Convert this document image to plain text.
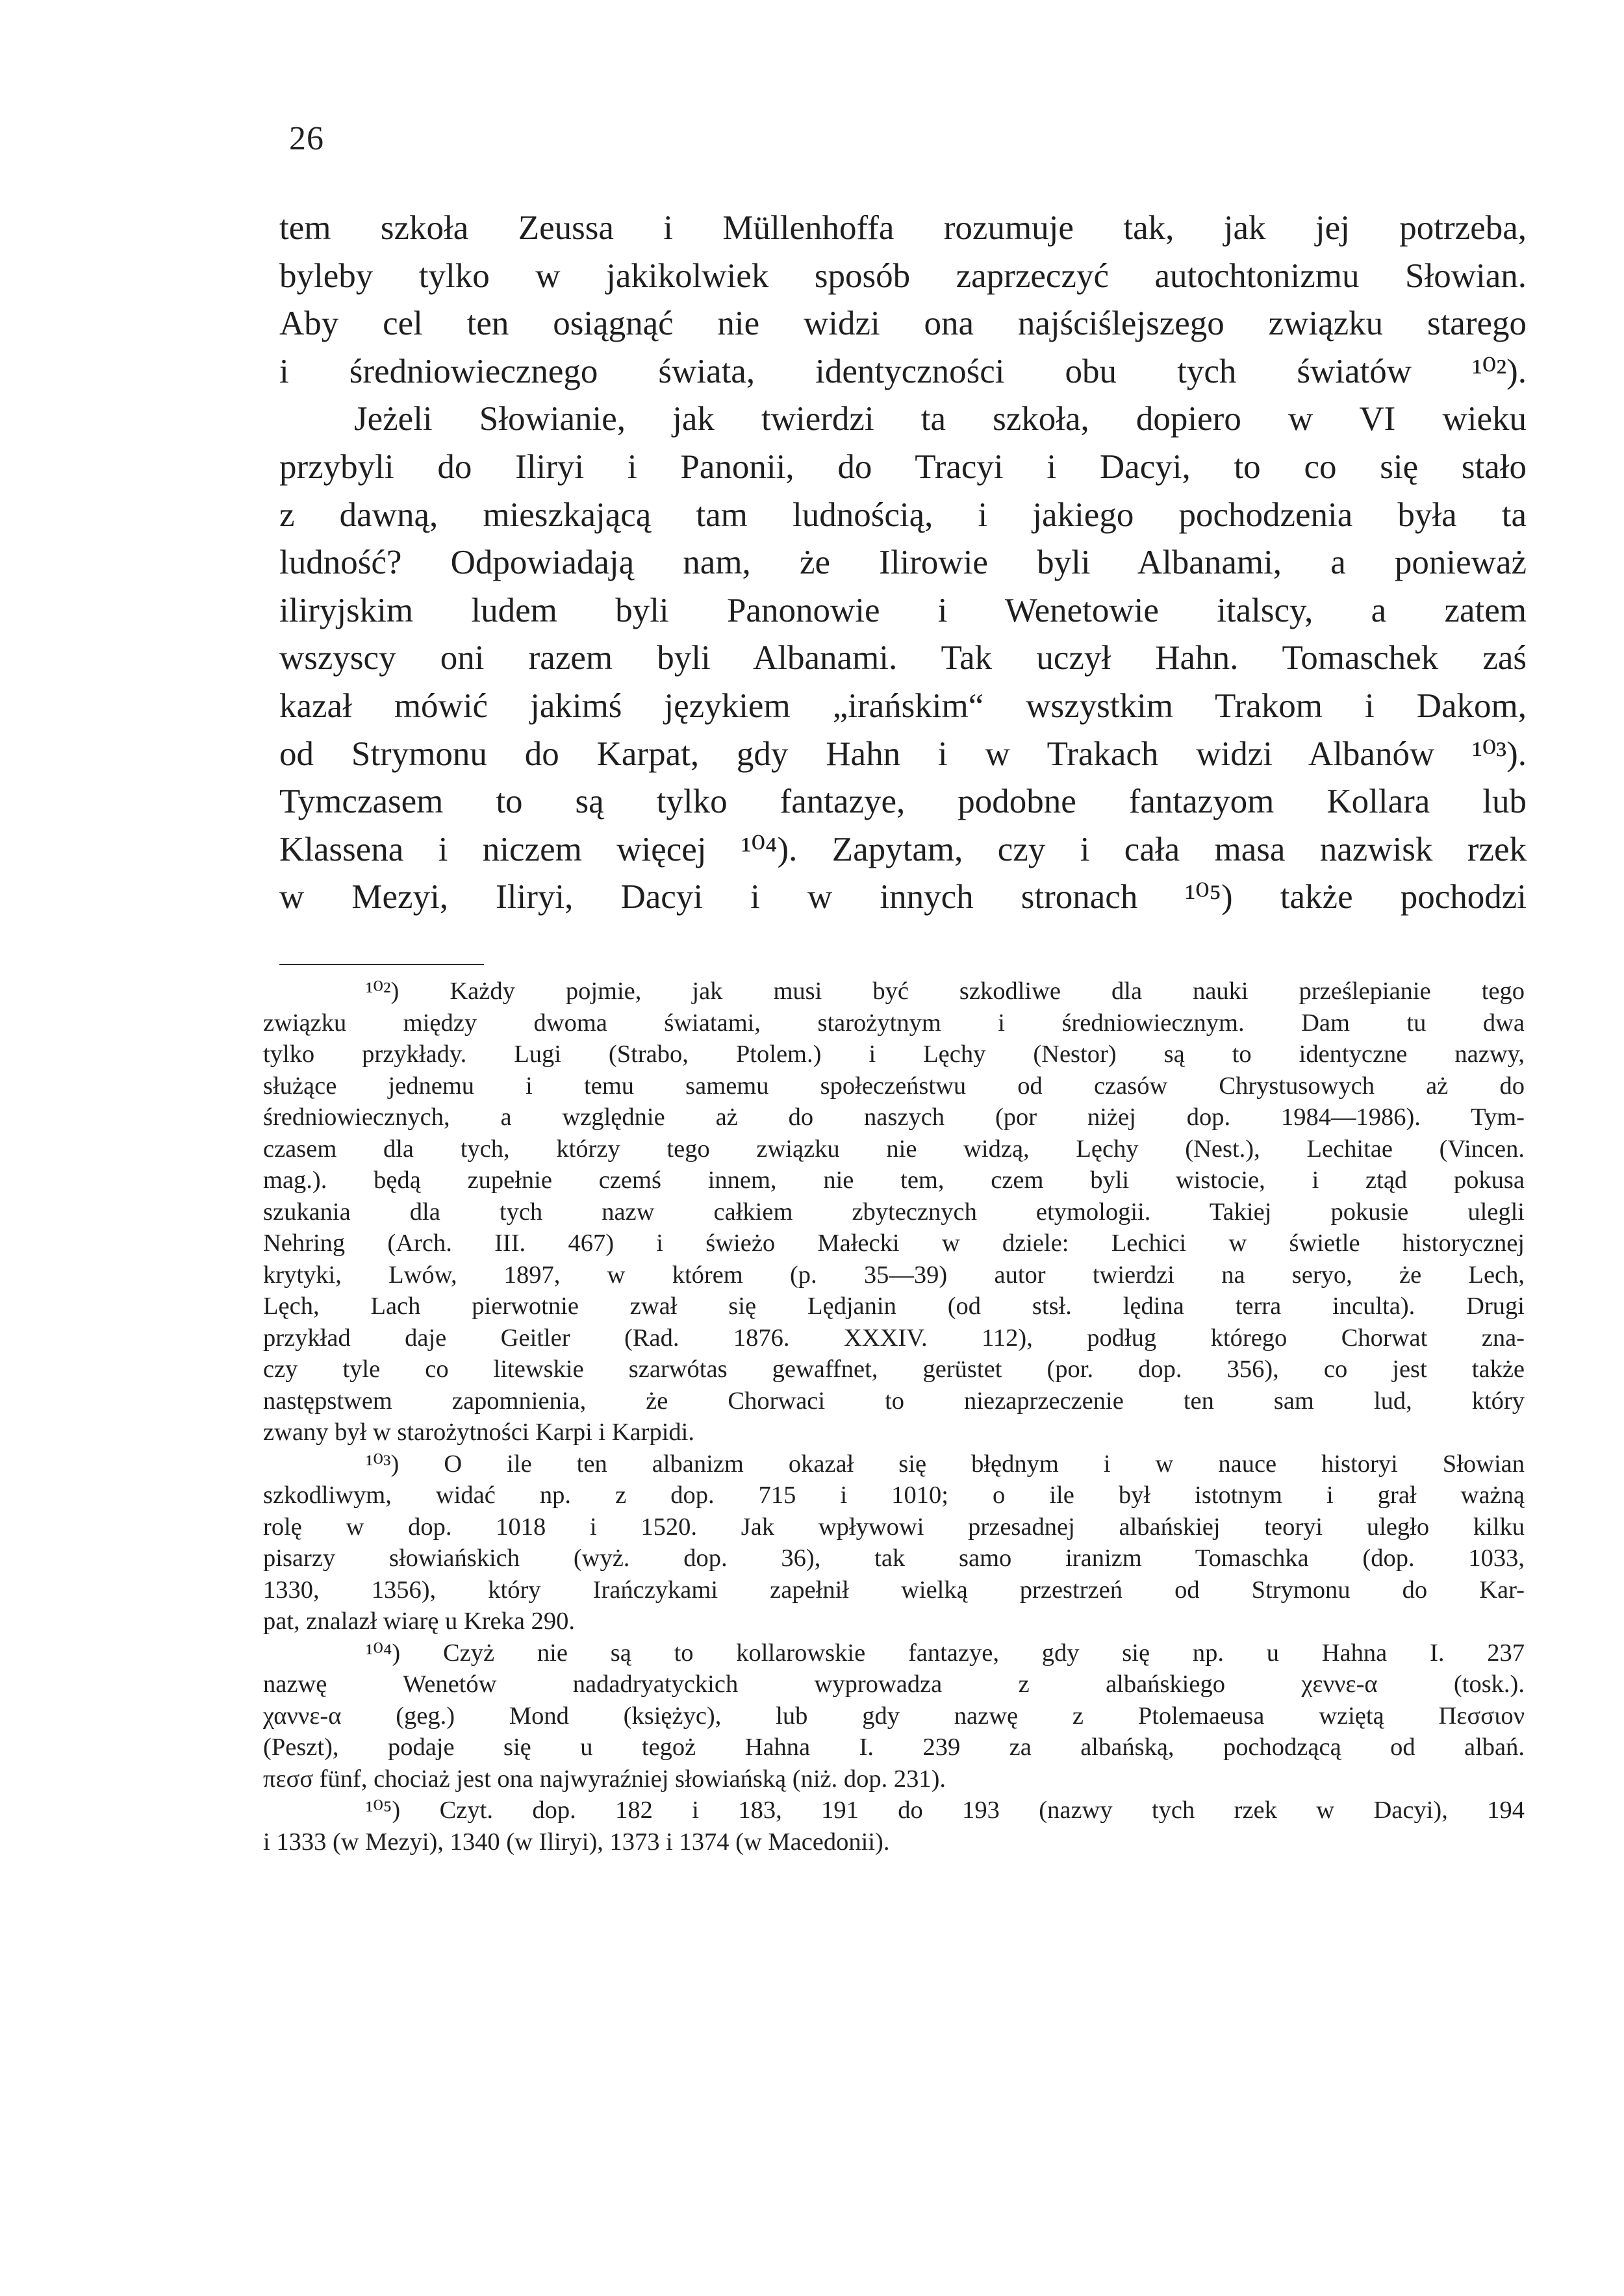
26
tem szkoła Zeussa i Müllenhoffa rozumuje tak, jak jej potrzeba,
byleby tylko w jakikolwiek sposób zaprzeczyć autochtonizmu Słowian.
Aby cel ten osiągnąć nie widzi ona najściślejszego związku starego
i średniowiecznego świata, identyczności obu tych światów ¹⁰²).
Jeżeli Słowianie, jak twierdzi ta szkoła, dopiero w VI wieku
przybyli do Iliryi i Panonii, do Tracyi i Dacyi, to co się stało
z dawną, mieszkającą tam ludnością, i jakiego pochodzenia była ta
ludność? Odpowiadają nam, że Ilirowie byli Albanami, a ponieważ
iliryjskim ludem byli Panonowie i Wenetowie italscy, a zatem
wszyscy oni razem byli Albanami. Tak uczył Hahn. Tomaschek zaś
kazał mówić jakimś językiem „irańskim“ wszystkim Trakom i Dakom,
od Strymonu do Karpat, gdy Hahn i w Trakach widzi Albanów ¹⁰³).
Tymczasem to są tylko fantazye, podobne fantazyom Kollara lub
Klassena i niczem więcej ¹⁰⁴). Zapytam, czy i cała masa nazwisk rzek
w Mezyi, Iliryi, Dacyi i w innych stronach ¹⁰⁵) także pochodzi
¹⁰²) Każdy pojmie, jak musi być szkodliwe dla nauki prześlepianie tego
związku między dwoma światami, starożytnym i średniowiecznym. Dam tu dwa
tylko przykłady. Lugi (Strabo, Ptolem.) i Lęchy (Nestor) są to identyczne nazwy,
służące jednemu i temu samemu społeczeństwu od czasów Chrystusowych aż do
średniowiecznych, a względnie aż do naszych (por niżej dop. 1984—1986). Tym-
czasem dla tych, którzy tego związku nie widzą, Lęchy (Nest.), Lechitae (Vincen.
mag.). będą zupełnie czemś innem, nie tem, czem byli wistocie, i ztąd pokusa
szukania dla tych nazw całkiem zbytecznych etymologii. Takiej pokusie ulegli
Nehring (Arch. III. 467) i świeżo Małecki w dziele: Lechici w świetle historycznej
krytyki, Lwów, 1897, w którem (p. 35—39) autor twierdzi na seryo, że Lech,
Lęch, Lach pierwotnie zwał się Lędjanin (od stsł. lędina terra inculta). Drugi
przykład daje Geitler (Rad. 1876. XXXIV. 112), podług którego Chorwat zna-
czy tyle co litewskie szarwótas gewaffnet, gerüstet (por. dop. 356), co jest także
następstwem zapomnienia, że Chorwaci to niezaprzeczenie ten sam lud, który
zwany był w starożytności Karpi i Karpidi.
¹⁰³) O ile ten albanizm okazał się błędnym i w nauce historyi Słowian
szkodliwym, widać np. z dop. 715 i 1010; o ile był istotnym i grał ważną
rolę w dop. 1018 i 1520. Jak wpływowi przesadnej albańskiej teoryi uległo kilku
pisarzy słowiańskich (wyż. dop. 36), tak samo iranizm Tomaschka (dop. 1033,
1330, 1356), który Irańczykami zapełnił wielką przestrzeń od Strymonu do Kar-
pat, znalazł wiarę u Kreka 290.
¹⁰⁴) Czyż nie są to kollarowskie fantazye, gdy się np. u Hahna I. 237
nazwę Wenetów nadadryatyckich wyprowadza z albańskiego χεννε-α (tosk.).
χαννε-α (geg.) Mond (księżyc), lub gdy nazwę z Ptolemaeusa wziętą Πεσσιον
(Peszt), podaje się u tegoż Hahna I. 239 za albańską, pochodzącą od albań.
πεσσ fünf, chociaż jest ona najwyraźniej słowiańską (niż. dop. 231).
¹⁰⁵) Czyt. dop. 182 i 183, 191 do 193 (nazwy tych rzek w Dacyi), 194
i 1333 (w Mezyi), 1340 (w Iliryi), 1373 i 1374 (w Macedonii).
